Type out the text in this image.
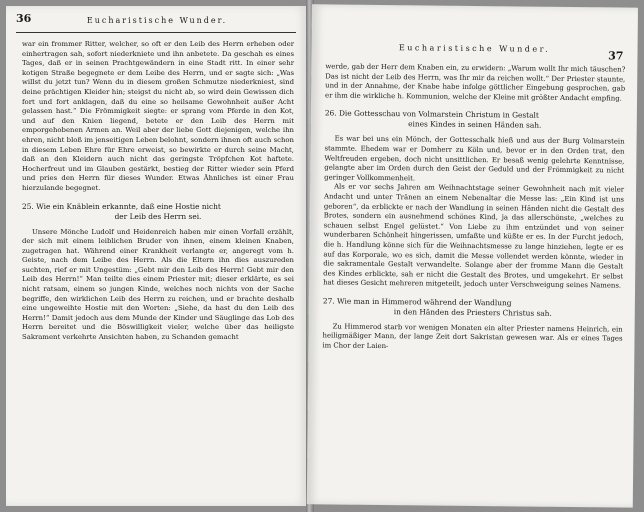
36	Eucharistische Wunder.

war ein frommer Ritter, welcher, so oft er den Leib des Herrn erheben oder einhertragen sah, sofort niederkniete und ihn anbetete. Da geschah es eines Tages, daß er in seinen Prachtgewändern in eine Stadt ritt. In einer sehr kotigen Straße begegnete er dem Leibe des Herrn, und er sagte sich: „Was willst du jetzt tun? Wenn du in diesem großen Schmutze niederkniest, sind deine prächtigen Kleider hin; steigst du nicht ab, so wird dein Gewissen dich fort und fort anklagen, daß du eine so heilsame Gewohnheit außer Acht gelassen hast.“ Die Frömmigkeit siegte: er sprang vom Pferde in den Kot, und auf den Knien liegend, betete er den Leib des Herrn mit emporgehobenen Armen an. Weil aber der liebe Gott diejenigen, welche ihn ehren, nicht bloß im jenseitigen Leben belohnt, sondern ihnen oft auch schon in diesem Leben Ehre für Ehre erweist, so bewirkte er durch seine Macht, daß an den Kleidern auch nicht das geringste Tröpfchen Kot haftete. Hocherfreut und im Glauben gestärkt, bestieg der Ritter wieder sein Pferd und pries den Herrn für dieses Wunder. Etwas Ähnliches ist einer Frau hierzulande begegnet.

25. Wie ein Knäblein erkannte, daß eine Hostie nicht
der Leib des Herrn sei.

Unsere Mönche Ludolf und Heidenreich haben mir einen Vorfall erzählt, der sich mit einem leiblichen Bruder von ihnen, einem kleinen Knaben, zugetragen hat. Während einer Krankheit verlangte er, angeregt vom h. Geiste, nach dem Leibe des Herrn. Als die Eltern ihn dies auszureden suchten, rief er mit Ungestüm: „Gebt mir den Leib des Herrn! Gebt mir den Leib des Herrn!“ Man teilte dies einem Priester mit; dieser erklärte, es sei nicht ratsam, einem so jungen Kinde, welches noch nichts von der Sache begriffe, den wirklichen Leib des Herrn zu reichen, und er brachte deshalb eine ungeweihte Hostie mit den Worten: „Siehe, da hast du den Leib des Herrn!“ Damit jedoch aus dem Munde der Kinder und Säuglinge das Lob des Herrn bereitet und die Böswilligkeit vieler, welche über das heiligste Sakrament verkehrte Ansichten haben, zu Schanden gemacht

Eucharistische Wunder.
37

werde, gab der Herr dem Knaben ein, zu erwidern: „Warum wollt Ihr mich täuschen? Das ist nicht der Leib des Herrn, was Ihr mir da reichen wollt.“ Der Priester staunte, und in der Annahme, der Knabe habe infolge göttlicher Eingebung gesprochen, gab er ihm die wirkliche h. Kommunion, welche der Kleine mit größter Andacht empfing.

26. Die Gottesschau von Volmarstein Christum in Gestalt
eines Kindes in seinen Händen sah.

Es war bei uns ein Mönch, der Gottesschalk hieß und aus der Burg Volmarstein stammte. Ehedem war er Domherr zu Köln und, bevor er in den Orden trat, den Weltfreuden ergeben, doch nicht unsittlichen. Er besaß wenig gelehrte Kenntnisse, gelangte aber im Orden durch den Geist der Geduld und der Frömmigkeit zu nicht geringer Vollkommenheit.

Als er vor sechs Jahren am Weihnachtstage seiner Gewohnheit nach mit vieler Andacht und unter Tränen an einem Nebenaltar die Messe las: „Ein Kind ist uns geboren“, da erblickte er nach der Wandlung in seinen Händen nicht die Gestalt des Brotes, sondern ein ausnehmend schönes Kind, ja das allerschönste, „welches zu schauen selbst Engel gelüstet.“ Von Liebe zu ihm entzündet und von seiner wunderbaren Schönheit hingerissen, umfaßte und küßte er es. In der Furcht jedoch, die h. Handlung könne sich für die Weihnachtsmesse zu lange hinziehen, legte er es auf das Korporale, wo es sich, damit die Messe vollendet werden könnte, wieder in die sakramentale Gestalt verwandelte. Solange aber der fromme Mann die Gestalt des Kindes erblickte, sah er nicht die Gestalt des Brotes, und umgekehrt. Er selbst hat dieses Gesicht mehreren mitgeteilt, jedoch unter Verschweigung seines Namens.

27. Wie man in Himmerod während der Wandlung
in den Händen des Priesters Christus sah.

Zu Himmerod starb vor wenigen Monaten ein alter Priester namens Heinrich, ein heiligmäßiger Mann, der lange Zeit dort Sakristan gewesen war. Als er eines Tages im Chor der Laien-
